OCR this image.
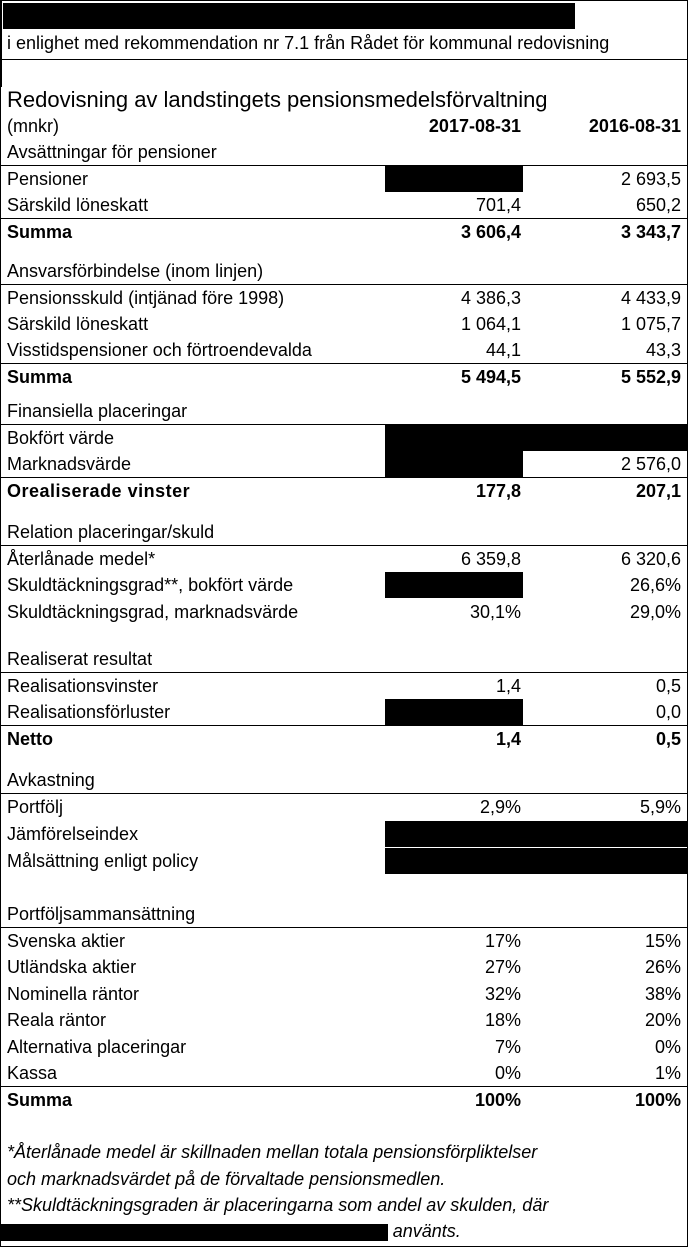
Nedan redovisas upplysningar om pensionsmedel och pensionsförpliktelser
i enlighet med rekommendation nr 7.1 från Rådet för kommunal redovisning
Redovisning av landstingets pensionsmedelsförvaltning
(mnkr)	2017-08-31	2016-08-31
Avsättningar för pensioner
Pensioner	2 905,0	2 693,5
Särskild löneskatt	701,4	650,2
Summa	3 606,4	3 343,7
Ansvarsförbindelse (inom linjen)
Pensionsskuld (intjänad före 1998)	4 386,3	4 433,9
Särskild löneskatt	1 064,1	1 075,7
Visstidspensioner och förtroendevalda	44,1	43,3
Summa	5 494,5	5 552,9
Finansiella placeringar
Bokfört värde	2 563,2	2 368,8
Marknadsvärde	2 741,1	2 576,0
Orealiserade vinster	177,8	207,1
Relation placeringar/skuld
Återlånade medel*	6 359,8	6 320,6
Skuldtäckningsgrad**, bokfört värde	28,2%	26,6%
Skuldtäckningsgrad, marknadsvärde	30,1%	29,0%
Realiserat resultat
Realisationsvinster	1,4	0,5
Realisationsförluster	0	0,0
Netto	1,4	0,5
Avkastning
Portfölj	2,9%	5,9%
Jämförelseindex	0,7%	5,3%
Målsättning enligt policy	3,1%	1,9%
Portföljsammansättning
Svenska aktier	17%	15%
Utländska aktier	27%	26%
Nominella räntor	32%	38%
Reala räntor	18%	20%
Alternativa placeringar	7%	0%
Kassa	0%	1%
Summa	100%	100%
*Återlånade medel är skillnaden mellan totala pensionsförpliktelser
och marknadsvärdet på de förvaltade pensionsmedlen.
**Skuldtäckningsgraden är placeringarna som andel av skulden, där
placeringarnas bokförda värde respektive marknadsvärde använts.
